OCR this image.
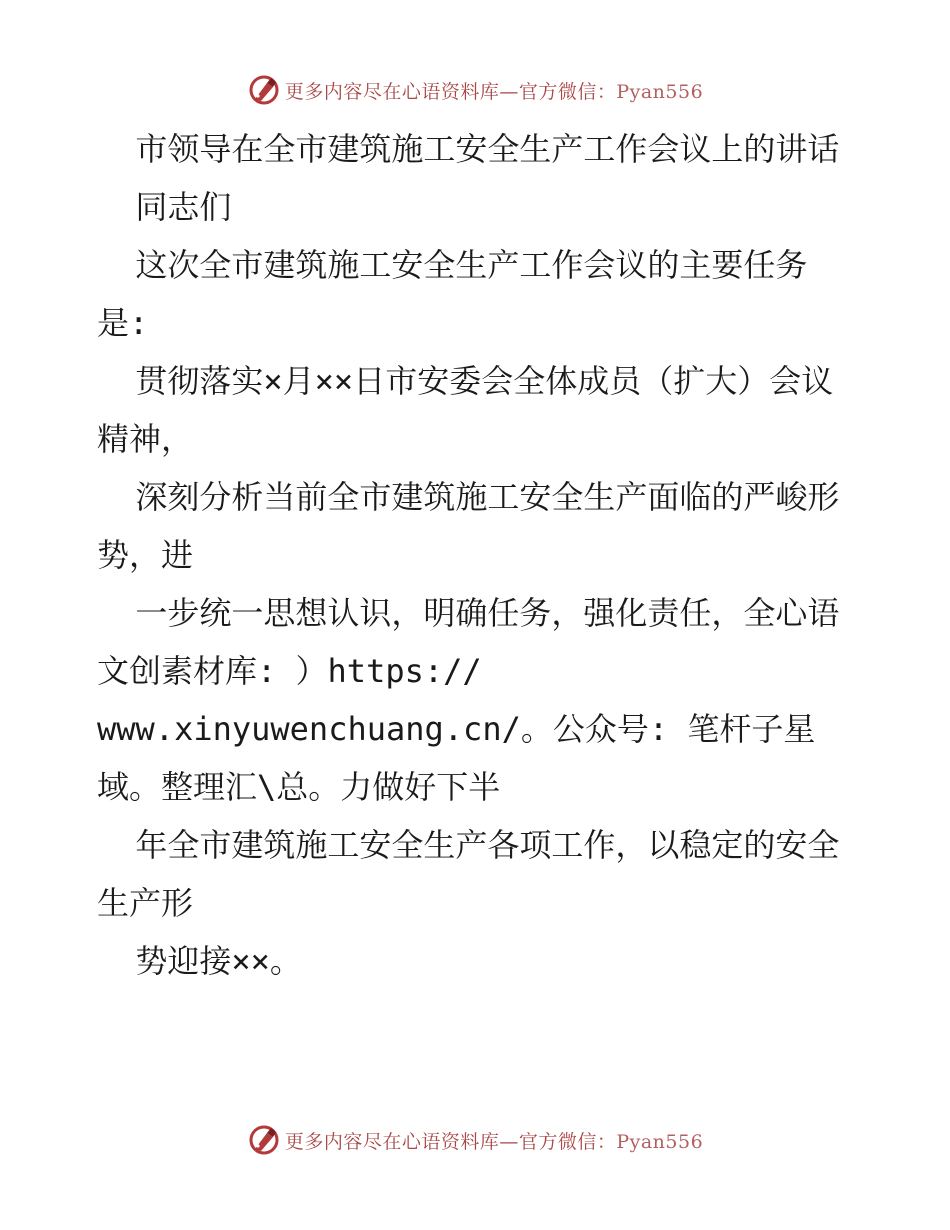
更多内容尽在心语资料库—官方微信：Pyan556

市领导在全市建筑施工安全生产工作会议上的讲话

同志们

这次全市建筑施工安全生产工作会议的主要任务是:

贯彻落实×月××日市安委会全体成员（扩大）会议精神，

深刻分析当前全市建筑施工安全生产面临的严峻形势，进

一步统一思想认识，明确任务，强化责任，全心语文创素材库: ）https://

www.xinyuwenchuang.cn/。公众号: 笔杆子星域。整理汇\总。力做好下半

年全市建筑施工安全生产各项工作，以稳定的安全生产形

势迎接××。

更多内容尽在心语资料库—官方微信：Pyan556
